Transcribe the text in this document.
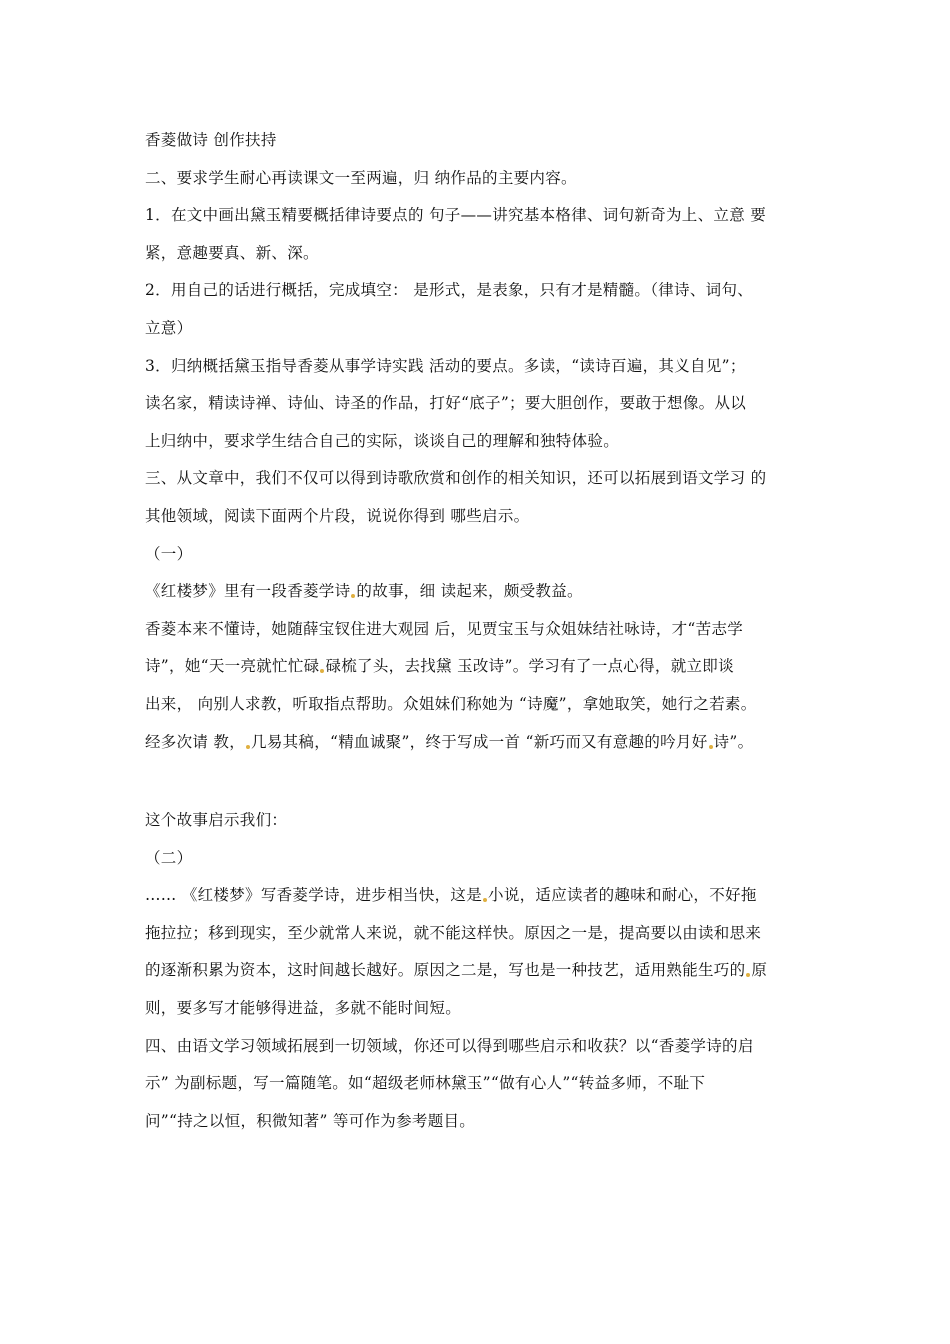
香菱做诗 创作扶持
二、要求学生耐心再读课文一至两遍，归 纳作品的主要内容。
1．在文中画出黛玉精要概括律诗要点的 句子——讲究基本格律、词句新奇为上、立意 要
紧，意趣要真、新、深。
2．用自己的话进行概括，完成填空： 是形式，是表象，只有才是精髓。（律诗、词句、
立意）
3．归纳概括黛玉指导香菱从事学诗实践 活动的要点。多读，“读诗百遍，其义自见”；
读名家，精读诗禅、诗仙、诗圣的作品，打好“底子”；要大胆创作，要敢于想像。从以
上归纳中，要求学生结合自己的实际，谈谈自己的理解和独特体验。
三、从文章中，我们不仅可以得到诗歌欣赏和创作的相关知识，还可以拓展到语文学习 的
其他领域，阅读下面两个片段，说说你得到 哪些启示。
（一）
《红楼梦》里有一段香菱学诗 的故事，细 读起来，颇受教益。
香菱本来不懂诗，她随薛宝钗住进大观园 后，见贾宝玉与众姐妹结社咏诗，才“苦志学
诗”，她“天一亮就忙忙碌 碌梳了头，去找黛 玉改诗”。学习有了一点心得，就立即谈
出来， 向别人求教，听取指点帮助。众姐妹们称她为 “诗魔”，拿她取笑，她行之若素。
经多次请 教， 几易其稿，“精血诚聚”，终于写成一首 “新巧而又有意趣的吟月好 诗”。
这个故事启示我们：
（二）
…… 《红楼梦》写香菱学诗，进步相当快，这是 小说，适应读者的趣味和耐心，不好拖
拖拉拉；移到现实，至少就常人来说，就不能这样快。原因之一是，提高要以由读和思来
的逐渐积累为资本，这时间越长越好。原因之二是，写也是一种技艺，适用熟能生巧的 原
则，要多写才能够得进益，多就不能时间短。
四、由语文学习领域拓展到一切领域，你还可以得到哪些启示和收获？以“香菱学诗的启
示” 为副标题，写一篇随笔。如“超级老师林黛玉”“做有心人”“转益多师，不耻下
问”“持之以恒，积微知著” 等可作为参考题目。
